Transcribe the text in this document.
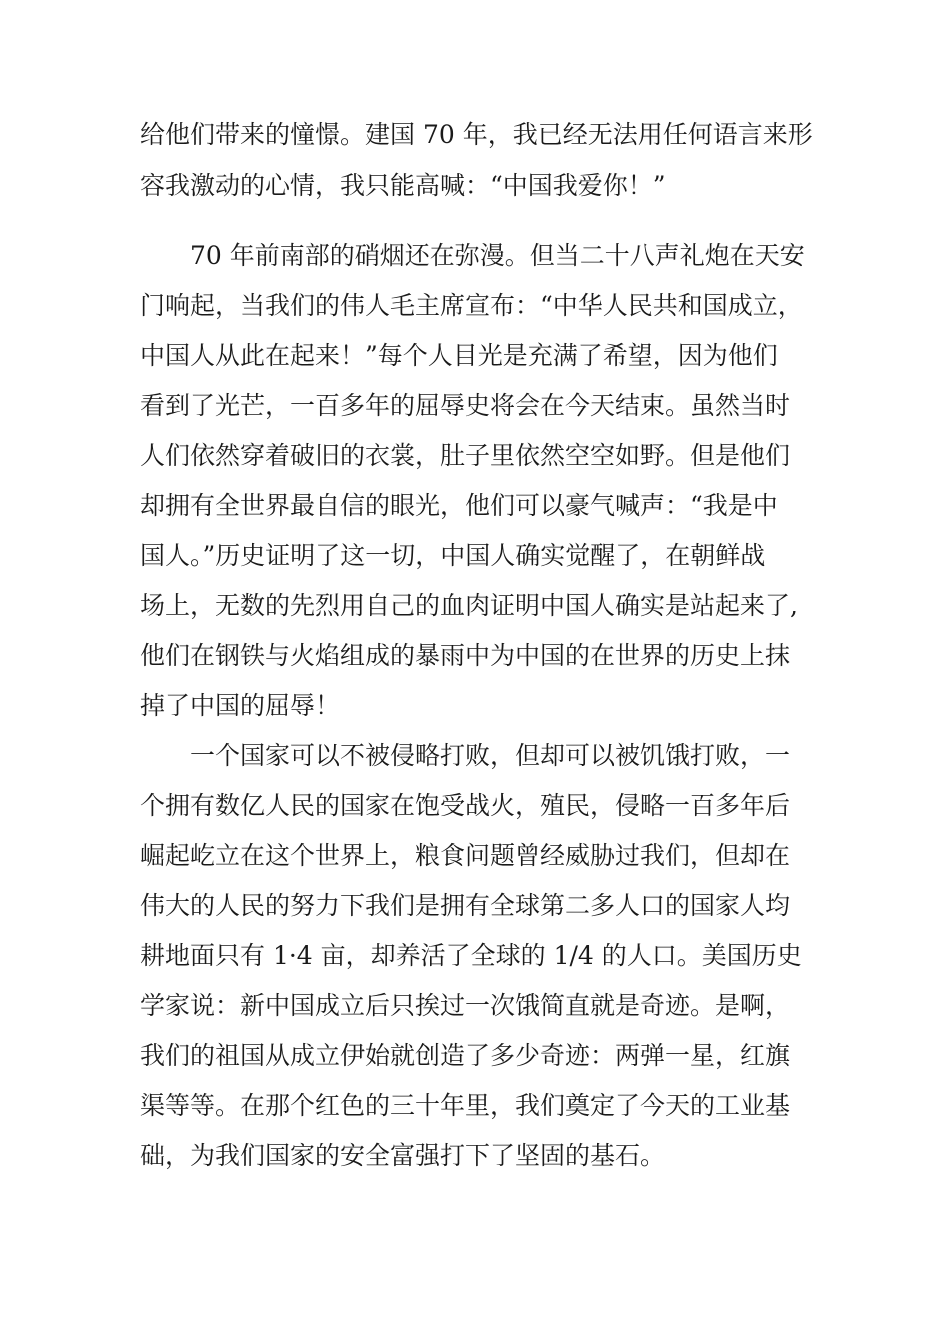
给他们带来的憧憬。建国 70 年，我已经无法用任何语言来形
容我激动的心情，我只能高喊：“中国我爱你！”
70 年前南部的硝烟还在弥漫。但当二十八声礼炮在天安
门响起，当我们的伟人毛主席宣布：“中华人民共和国成立，
中国人从此在起来！”每个人目光是充满了希望，因为他们
看到了光芒，一百多年的屈辱史将会在今天结束。虽然当时
人们依然穿着破旧的衣裳，肚子里依然空空如野。但是他们
却拥有全世界最自信的眼光，他们可以豪气喊声：“我是中
国人。”历史证明了这一切，中国人确实觉醒了，在朝鲜战
场上，无数的先烈用自己的血肉证明中国人确实是站起来了,
他们在钢铁与火焰组成的暴雨中为中国的在世界的历史上抹
掉了中国的屈辱！
一个国家可以不被侵略打败，但却可以被饥饿打败，一
个拥有数亿人民的国家在饱受战火，殖民，侵略一百多年后
崛起屹立在这个世界上，粮食问题曾经威胁过我们，但却在
伟大的人民的努力下我们是拥有全球第二多人口的国家人均
耕地面只有 1·4 亩，却养活了全球的 1/4 的人口。美国历史
学家说：新中国成立后只挨过一次饿简直就是奇迹。是啊，
我们的祖国从成立伊始就创造了多少奇迹：两弹一星，红旗
渠等等。在那个红色的三十年里，我们奠定了今天的工业基
础，为我们国家的安全富强打下了坚固的基石。
